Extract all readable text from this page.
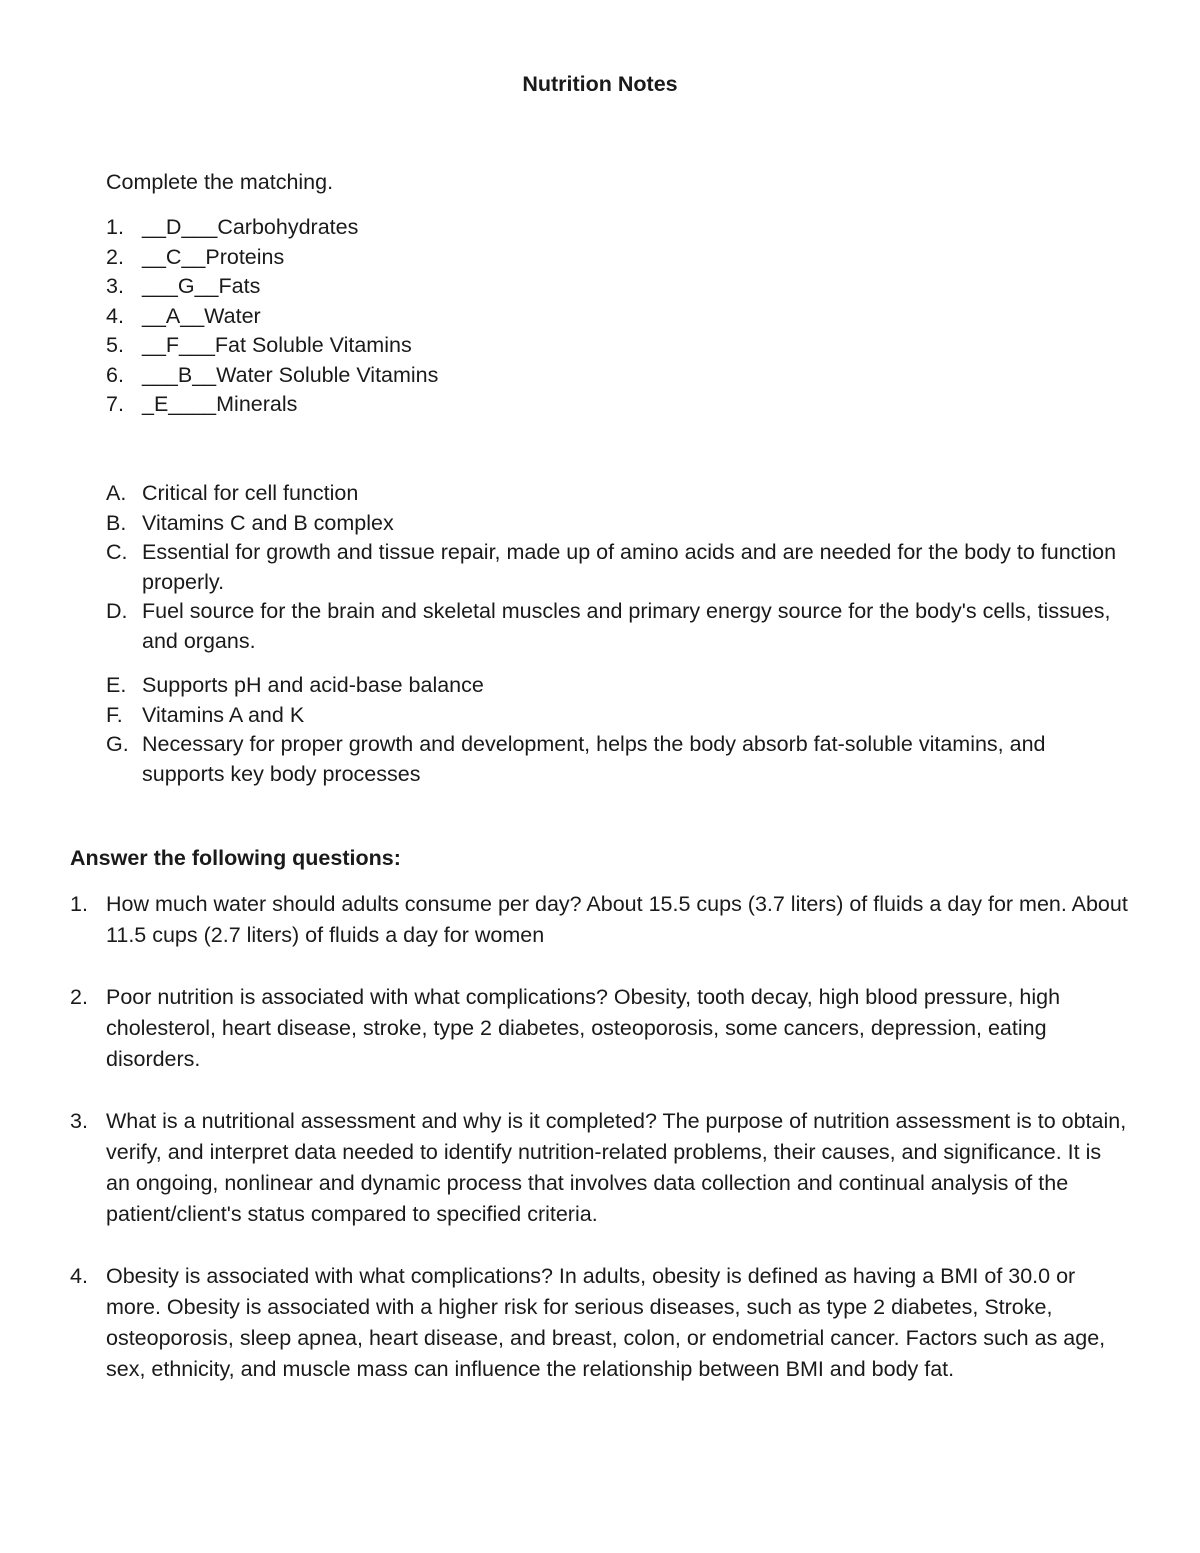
Nutrition Notes
Complete the matching.
1. __D___Carbohydrates
2. __C__Proteins
3. ___G__Fats
4. __A__Water
5. __F___Fat Soluble Vitamins
6. ___B__Water Soluble Vitamins
7. _E____Minerals
A. Critical for cell function
B. Vitamins C and B complex
C. Essential for growth and tissue repair, made up of amino acids and are needed for the body to function properly.
D. Fuel source for the brain and skeletal muscles and primary energy source for the body's cells, tissues, and organs.
E. Supports pH and acid-base balance
F. Vitamins A and K
G. Necessary for proper growth and development, helps the body absorb fat-soluble vitamins, and supports key body processes
Answer the following questions:
1. How much water should adults consume per day? About 15.5 cups (3.7 liters) of fluids a day for men. About 11.5 cups (2.7 liters) of fluids a day for women
2. Poor nutrition is associated with what complications? Obesity, tooth decay, high blood pressure, high cholesterol, heart disease, stroke, type 2 diabetes, osteoporosis, some cancers, depression, eating disorders.
3. What is a nutritional assessment and why is it completed? The purpose of nutrition assessment is to obtain, verify, and interpret data needed to identify nutrition-related problems, their causes, and significance. It is an ongoing, nonlinear and dynamic process that involves data collection and continual analysis of the patient/client's status compared to specified criteria.
4. Obesity is associated with what complications? In adults, obesity is defined as having a BMI of 30.0 or more. Obesity is associated with a higher risk for serious diseases, such as type 2 diabetes, Stroke, osteoporosis, sleep apnea, heart disease, and breast, colon, or endometrial cancer. Factors such as age, sex, ethnicity, and muscle mass can influence the relationship between BMI and body fat.
